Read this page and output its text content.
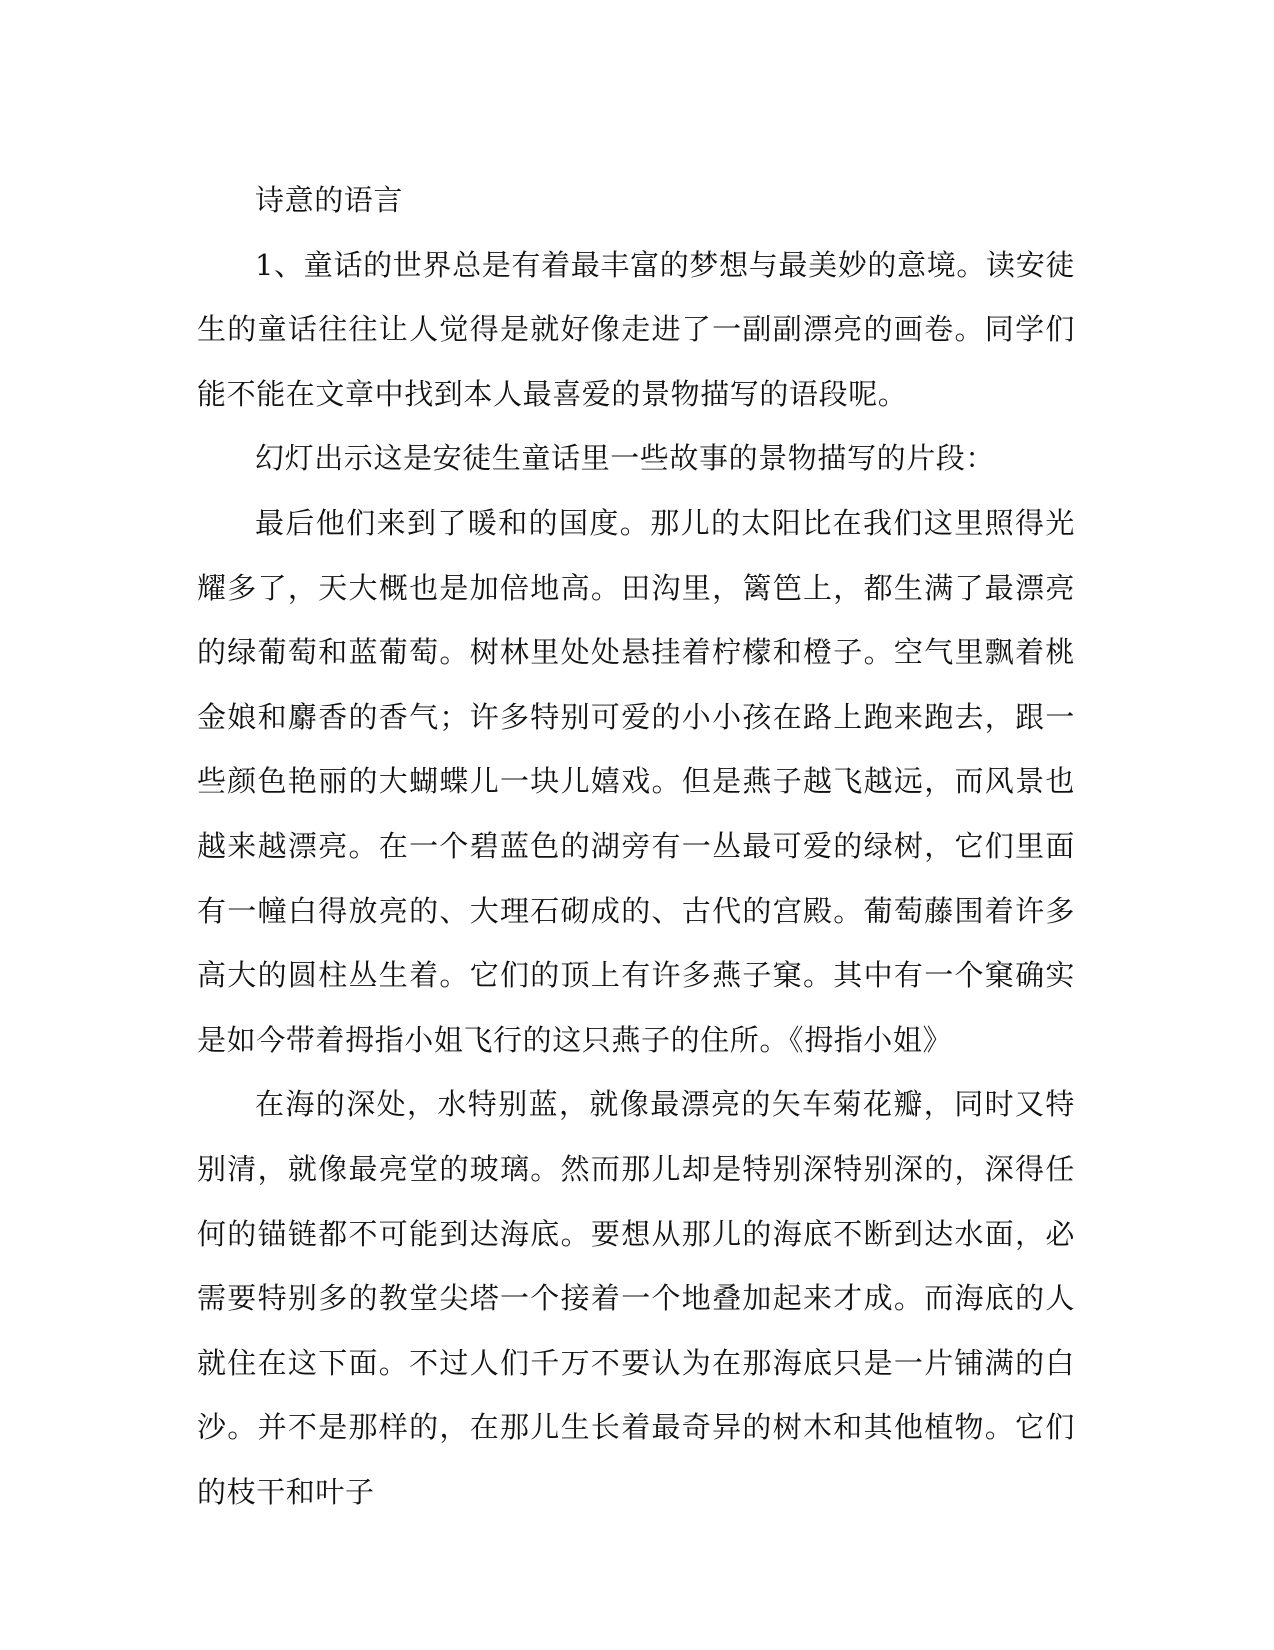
诗意的语言

1、童话的世界总是有着最丰富的梦想与最美妙的意境。读安徒生的童话往往让人觉得是就好像走进了一副副漂亮的画卷。同学们能不能在文章中找到本人最喜爱的景物描写的语段呢。

幻灯出示这是安徒生童话里一些故事的景物描写的片段：

最后他们来到了暖和的国度。那儿的太阳比在我们这里照得光耀多了，天大概也是加倍地高。田沟里，篱笆上，都生满了最漂亮的绿葡萄和蓝葡萄。树林里处处悬挂着柠檬和橙子。空气里飘着桃金娘和麝香的香气；许多特别可爱的小小孩在路上跑来跑去，跟一些颜色艳丽的大蝴蝶儿一块儿嬉戏。但是燕子越飞越远，而风景也越来越漂亮。在一个碧蓝色的湖旁有一丛最可爱的绿树，它们里面有一幢白得放亮的、大理石砌成的、古代的宫殿。葡萄藤围着许多高大的圆柱丛生着。它们的顶上有许多燕子窠。其中有一个窠确实是如今带着拇指小姐飞行的这只燕子的住所。《拇指小姐》

在海的深处，水特别蓝，就像最漂亮的矢车菊花瓣，同时又特别清，就像最亮堂的玻璃。然而那儿却是特别深特别深的，深得任何的锚链都不可能到达海底。要想从那儿的海底不断到达水面，必需要特别多的教堂尖塔一个接着一个地叠加起来才成。而海底的人就住在这下面。不过人们千万不要认为在那海底只是一片铺满的白沙。并不是那样的，在那儿生长着最奇异的树木和其他植物。它们的枝干和叶子
